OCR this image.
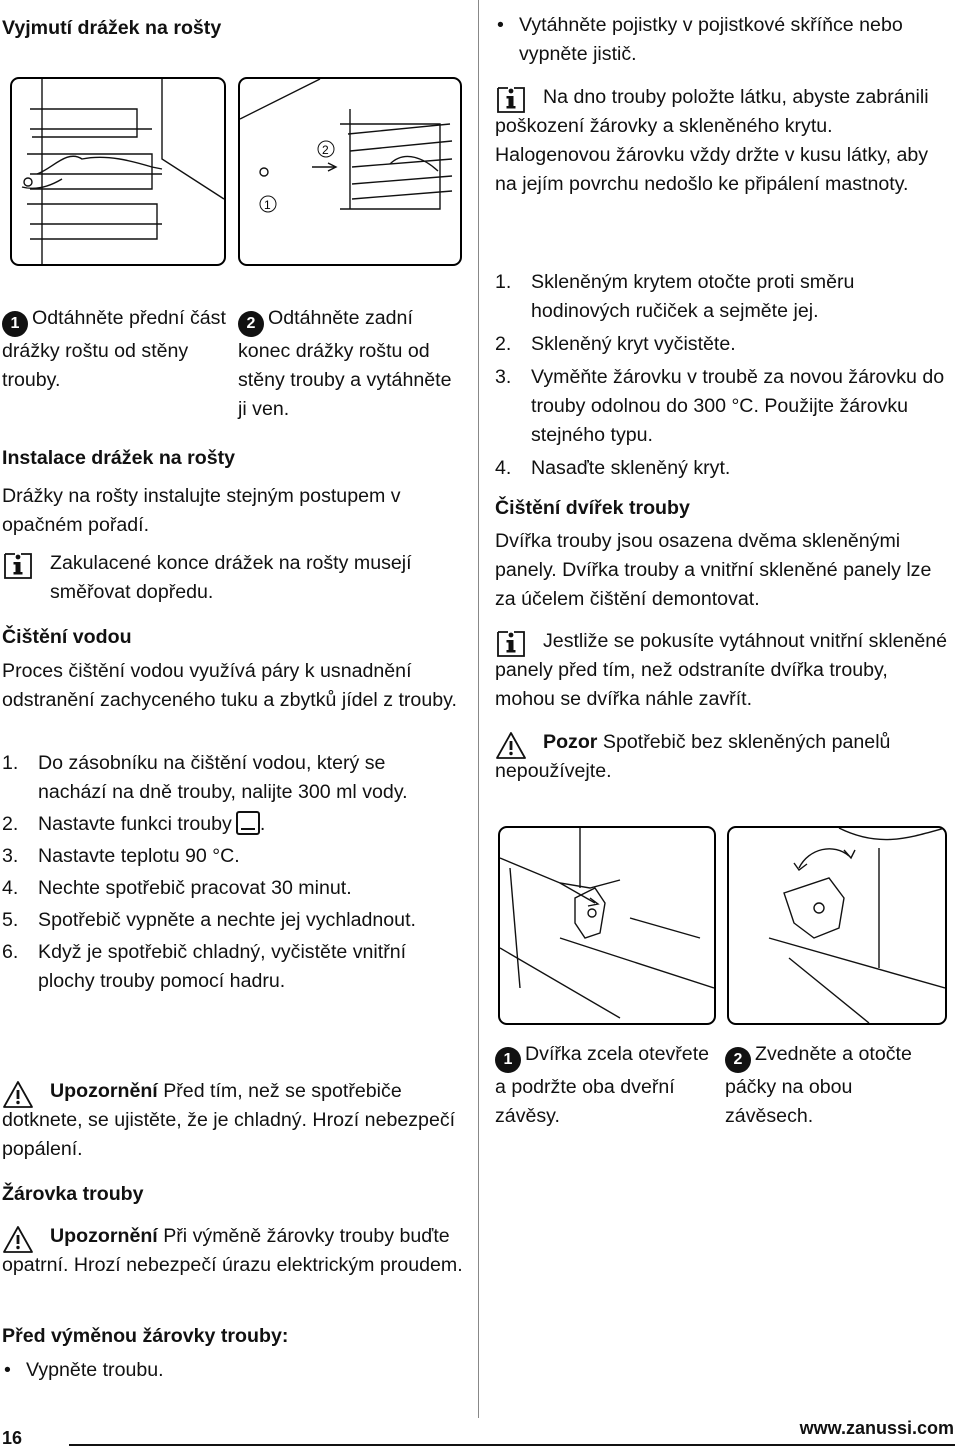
Vyjmutí drážek na rošty
2
1
1 Odtáhněte přední část drážky roštu od stěny trouby.
2 Odtáhněte zadní konec drážky roštu od stěny trouby a vytáhněte ji ven.
Instalace drážek na rošty

Drážky na rošty instalujte stejným postupem v opačném pořadí.

Zakulacené konce drážek na rošty musejí směřovat dopředu.
Čištění vodou

Proces čištění vodou využívá páry k usnadnění odstranění zachyceného tuku a zbytků jídel z trouby.

1. Do zásobníku na čištění vodou, který se nachází na dně trouby, nalijte 300 ml vody.
2. Nastavte funkci trouby .
3. Nastavte teplotu 90 °C.
4. Nechte spotřebič pracovat 30 minut.
5. Spotřebič vypněte a nechte jej vychladnout.
6. Když je spotřebič chladný, vyčistěte vnitřní plochy trouby pomocí hadru.
Upozornění Před tím, než se spotřebiče dotknete, se ujistěte, že je chladný. Hrozí nebezpečí popálení.
Žárovka trouby
Upozornění Při výměně žárovky trouby buďte opatrní. Hrozí nebezpečí úrazu elektrickým proudem.
Před výměnou žárovky trouby:
• Vypněte troubu.
• Vytáhněte pojistky v pojistkové skříňce nebo vypněte jistič.
Na dno trouby položte látku, abyste zabránili poškození žárovky a skleněného krytu.
Halogenovou žárovku vždy držte v kusu látky, aby na jejím povrchu nedošlo ke připálení mastnoty.
1. Skleněným krytem otočte proti směru hodinových ručiček a sejměte jej.
2. Skleněný kryt vyčistěte.
3. Vyměňte žárovku v troubě za novou žárovku do trouby odolnou do 300 °C. Použijte žárovku stejného typu.
4. Nasaďte skleněný kryt.
Čištění dvířek trouby

Dvířka trouby jsou osazena dvěma skleněnými panely. Dvířka trouby a vnitřní skleněné panely lze za účelem čištění demontovat.

Jestliže se pokusíte vytáhnout vnitřní skleněné panely před tím, než odstraníte dvířka trouby, mohou se dvířka náhle zavřít.
Pozor Spotřebič bez skleněných panelů nepoužívejte.
1 Dvířka zcela otevřete a podržte oba dveřní závěsy.
2 Zvedněte a otočte páčky na obou závěsech.
16	www.zanussi.com
